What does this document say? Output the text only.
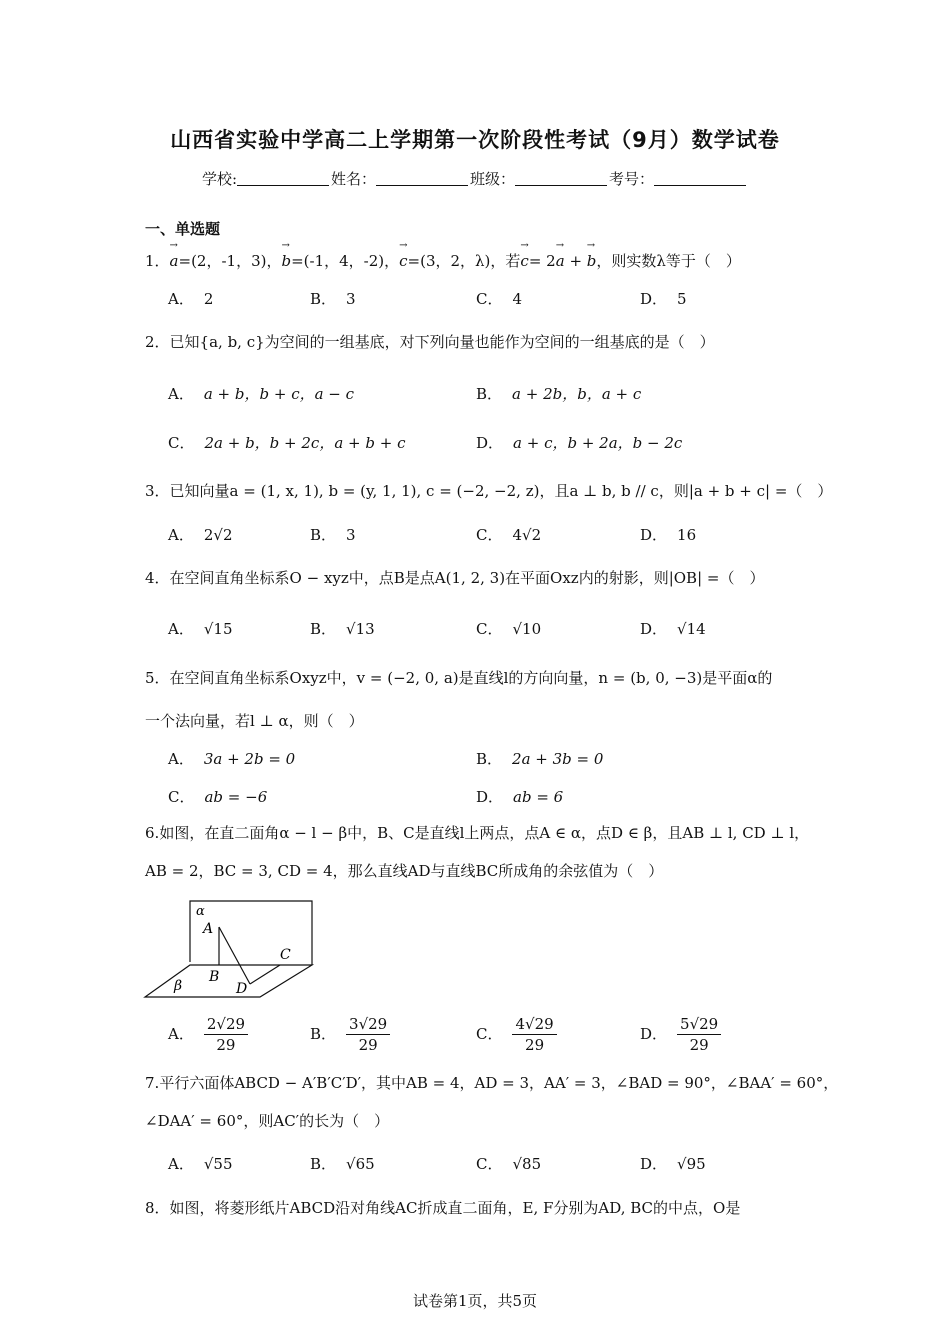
山西省实验中学高二上学期第一次阶段性考试（9月）数学试卷
学校:	姓名：	班级：	考号：
一、单选题
1．→ a=(2，-1，3)，→ b=(-1，4，-2)，→ c=(3，2，λ)，若→ c= 2→ a + → b，则实数λ等于（　）
A． 2	B． 3	C． 4	D． 5
2．已知{a, b, c}为空间的一组基底，对下列向量也能作为空间的一组基底的是（　）
A． a + b，b + c，a − c	B． a + 2b，b，a + c
C． 2a + b，b + 2c，a + b + c	D． a + c，b + 2a，b − 2c
3．已知向量a = (1, x, 1), b = (y, 1, 1), c = (−2, −2, z)，且a ⊥ b, b // c，则|a + b + c| =（　）
A． 2√2	B． 3	C． 4√2	D． 16
4．在空间直角坐标系O − xyz中，点B是点A(1, 2, 3)在平面Oxz内的射影，则|OB| =（　）
A． √15	B． √13	C． √10	D． √14
5．在空间直角坐标系Oxyz中，v = (−2, 0, a)是直线l的方向向量，n = (b, 0, −3)是平面α的
一个法向量，若l ⊥ α，则（　）
A． 3a + 2b = 0	B． 2a + 3b = 0
C． ab = −6	D． ab = 6
6.如图，在直二面角α − l − β中，B、C是直线l上两点，点A ∈ α，点D ∈ β，且AB ⊥ l, CD ⊥ l，
AB = 2，BC = 3, CD = 4，那么直线AD与直线BC所成角的余弦值为（　）
α
A
B
C
D
β
A． $\frac{2√29}{29}$	B． $\frac{3√29}{29}$	C． $\frac{4√29}{29}$	D． $\frac{5√29}{29}$
7.平行六面体ABCD − A′B′C′D′，其中AB = 4，AD = 3，AA′ = 3，∠BAD = 90°，∠BAA′ = 60°，
∠DAA′ = 60°，则AC′的长为（　）
A． √55	B． √65	C． √85	D． √95
8．如图，将菱形纸片ABCD沿对角线AC折成直二面角，E, F分别为AD, BC的中点，O是
试卷第1页，共5页
